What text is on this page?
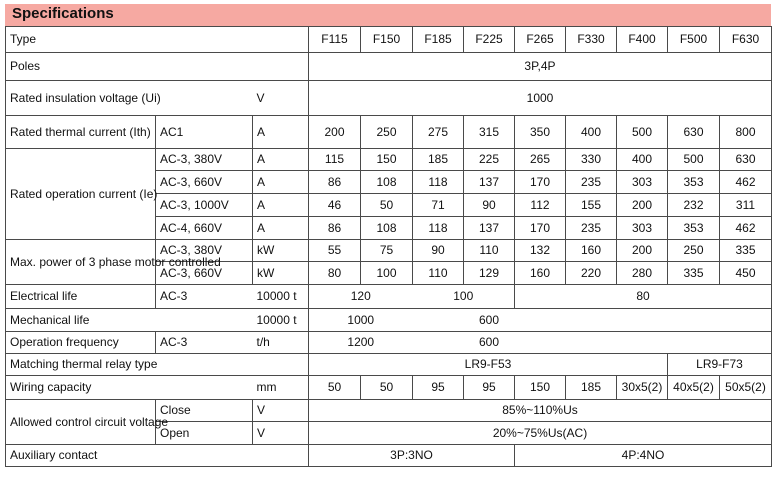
Specifications
Type			F115	F150	F185	F225	F265	F330	F400	F500	F630
Poles			3P,4P								
Rated insulation voltage (Ui)		V	1000								
Rated thermal current (Ith)	AC1	A	200	250	275	315	350	400	500	630	800
Rated operation current (Ie)	AC-3, 380V	A	115	150	185	225	265	330	400	500	630
	AC-3, 660V	A	86	108	118	137	170	235	303	353	462
	AC-3, 1000V	A	46	50	71	90	112	155	200	232	311
	AC-4, 660V	A	86	108	118	137	170	235	303	353	462
Max. power of 3 phase motor controlled	AC-3, 380V	kW	55	75	90	110	132	160	200	250	335
	AC-3, 660V	kW	80	100	110	129	160	220	280	335	450
Electrical life	AC-3	10000 t	120		100		80				
Mechanical life		10000 t	1000		600						
Operation frequency	AC-3	t/h	1200		600						
Matching thermal relay type			LR9-F53							LR9-F73	
Wiring capacity		mm	50	50	95	95	150	185	30x5(2)	40x5(2)	50x5(2)
Allowed control circuit voltage	Close	V	85%~110%Us								
	Open	V	20%~75%Us(AC)								
Auxiliary contact			3P:3NO				4P:4NO				
